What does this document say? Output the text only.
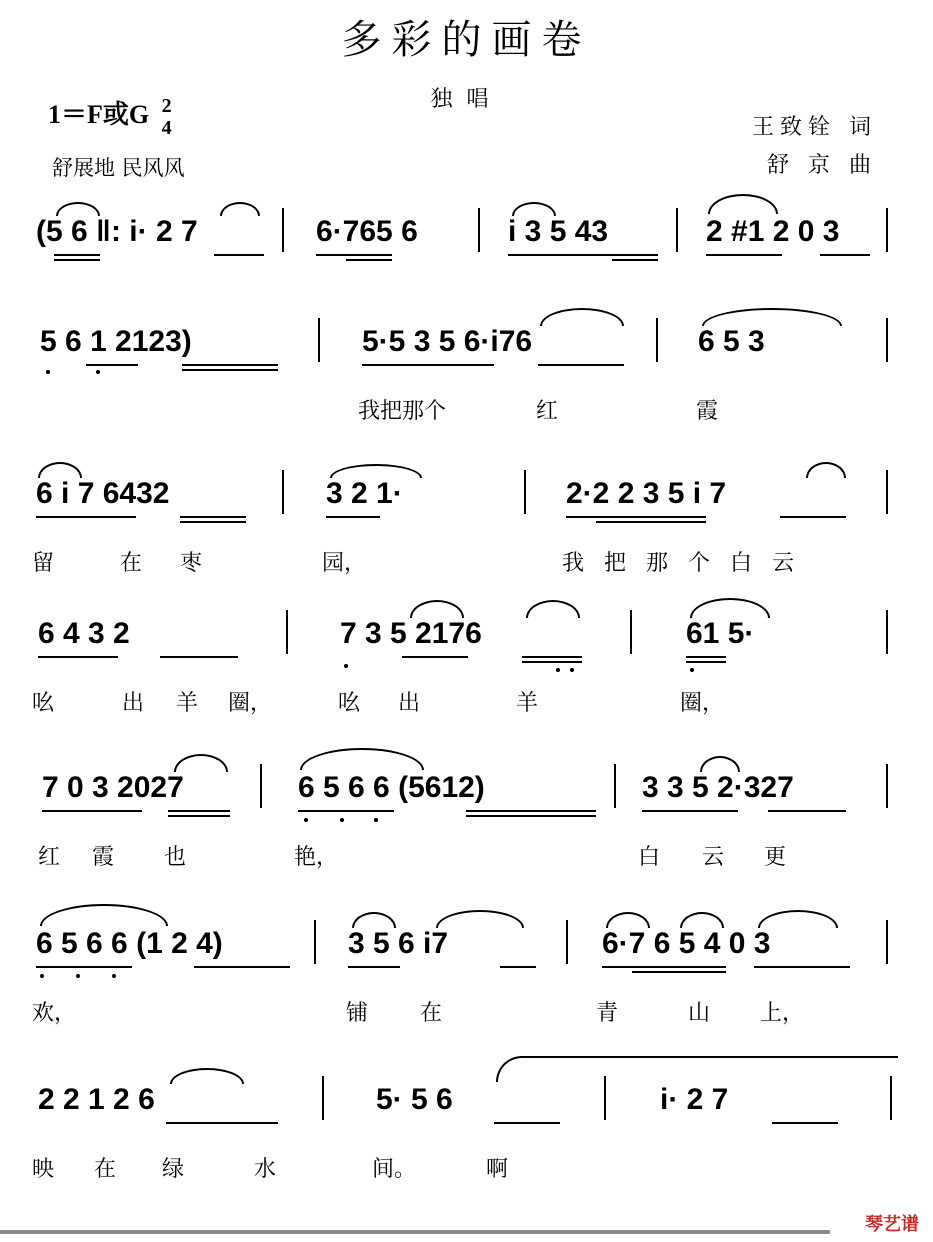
多彩的画卷
独唱
1＝F或G 2
4
舒展地 民风风
王致铨 词
舒 京 曲
(5 6 ‖: i· 2 7	6·765 6	i 3 5 43	2 #1 2 0 3
5 6 1 2123)	5·5 3 5 6·i76	6 5 3
我把那个	红	霞
6 i 7 6432	3 2 1·	2·2 2 3 5 i 7
留	在 枣	园，	我把那个白云
6 4 3 2	7 3 5 2176	61 5·
吆	出 羊 圈，	吆 出	羊	圈，
7 0 3 2027	6 5 6 6 (5612)	3 3 5 2·327
红 霞 也	艳，	白 云 更
6 5 6 6 (1 2 4)	3 5 6 i7	6·7 6 5 4 0 3
欢，	铺 在	青	山 上，
2 2 1 2 6	5· 5 6	i· 2 7
映 在 绿	水	间。	啊
琴艺谱
